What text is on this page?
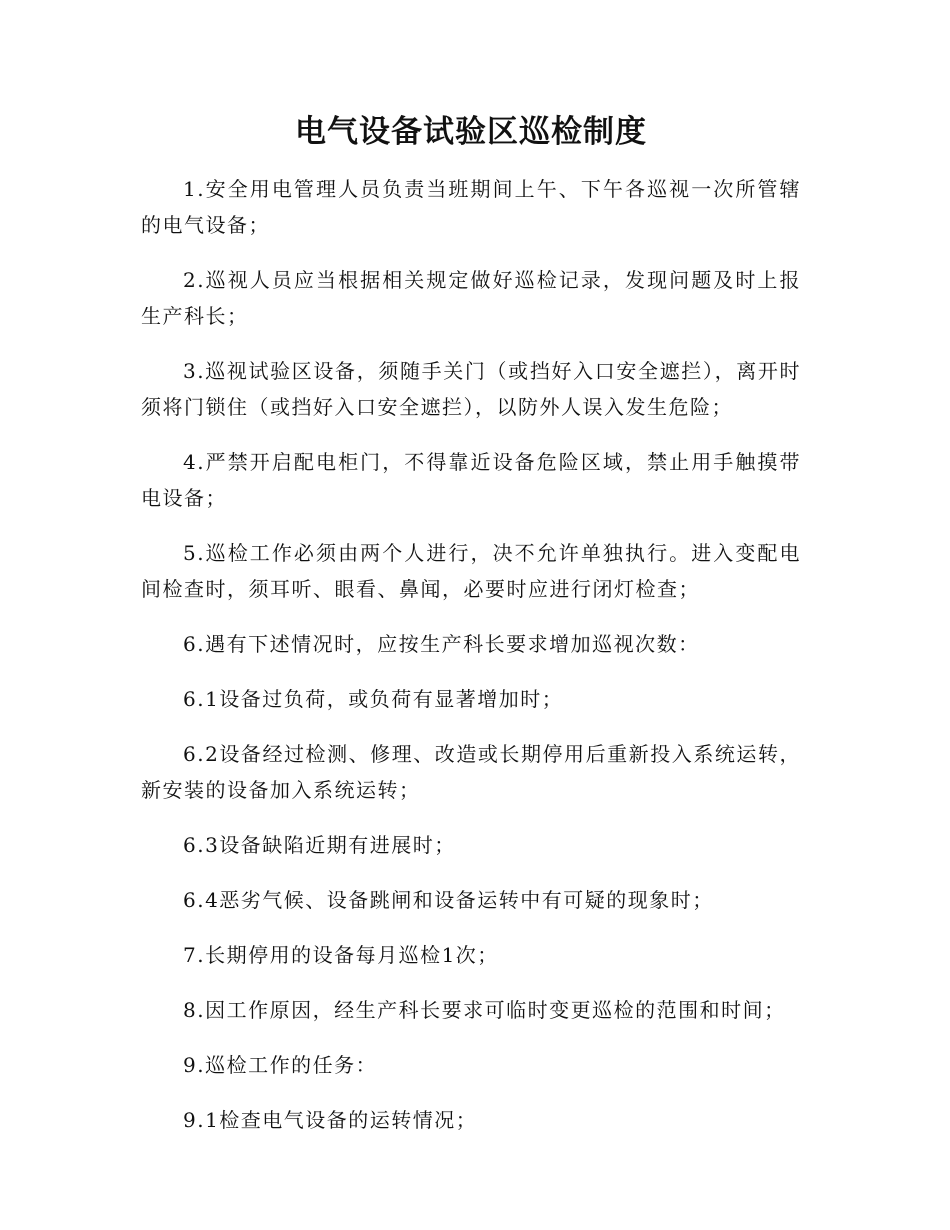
电气设备试验区巡检制度

1.安全用电管理人员负责当班期间上午、下午各巡视一次所管辖的电气设备；

2.巡视人员应当根据相关规定做好巡检记录，发现问题及时上报生产科长；

3.巡视试验区设备，须随手关门（或挡好入口安全遮拦），离开时须将门锁住（或挡好入口安全遮拦），以防外人误入发生危险；

4.严禁开启配电柜门，不得靠近设备危险区域，禁止用手触摸带电设备；

5.巡检工作必须由两个人进行，决不允许单独执行。进入变配电间检查时，须耳听、眼看、鼻闻，必要时应进行闭灯检查；

6.遇有下述情况时，应按生产科长要求增加巡视次数：

6.1设备过负荷，或负荷有显著增加时；

6.2设备经过检测、修理、改造或长期停用后重新投入系统运转，新安装的设备加入系统运转；

6.3设备缺陷近期有进展时；

6.4恶劣气候、设备跳闸和设备运转中有可疑的现象时；

7.长期停用的设备每月巡检1次；

8.因工作原因，经生产科长要求可临时变更巡检的范围和时间；

9.巡检工作的任务：

9.1检查电气设备的运转情况；
